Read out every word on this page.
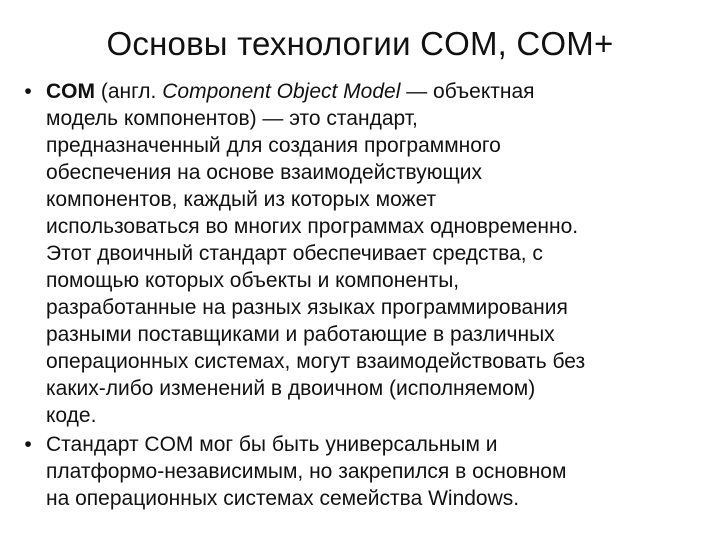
Основы технологии COM, COM+
• COM (англ. Component Object Model — объектная
модель компонентов) — это стандарт,
предназначенный для создания программного
обеспечения на основе взаимодействующих
компонентов, каждый из которых может
использоваться во многих программах одновременно.
Этот двоичный стандарт обеспечивает средства, с
помощью которых объекты и компоненты,
разработанные на разных языках программирования
разными поставщиками и работающие в различных
операционных системах, могут взаимодействовать без
каких-либо изменений в двоичном (исполняемом)
коде.
• Стандарт COM мог бы быть универсальным и
платформо-независимым, но закрепился в основном
на операционных системах семейства Windows.
